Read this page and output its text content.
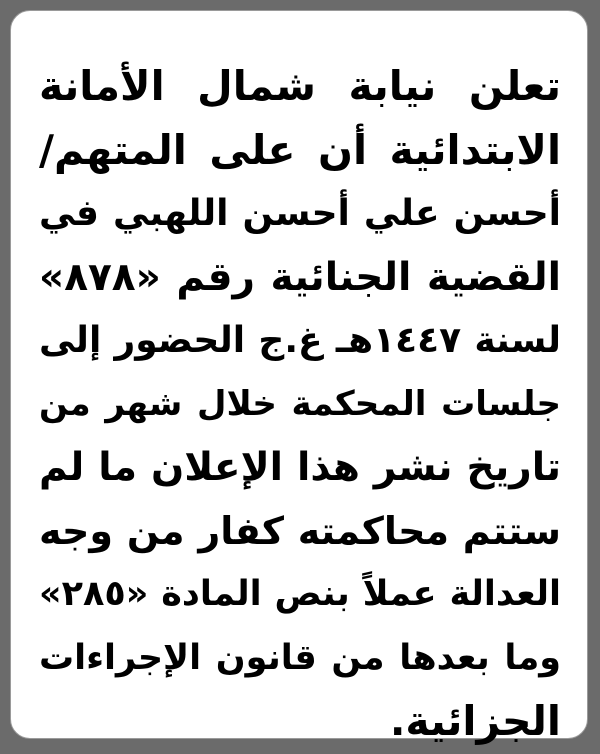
تعلن نيابة شمال الأمانة
الابتدائية أن على المتهم/
أحسن علي أحسن اللهبي في
القضية الجنائية رقم «٨٧٨»
لسنة ١٤٤٧هـ غ.ج الحضور إلى
جلسات المحكمة خلال شهر من
تاريخ نشر هذا الإعلان ما لم
ستتم محاكمته كفار من وجه
العدالة عملاً بنص المادة «٢٨٥»
وما بعدها من قانون الإجراءات
الجزائية.
